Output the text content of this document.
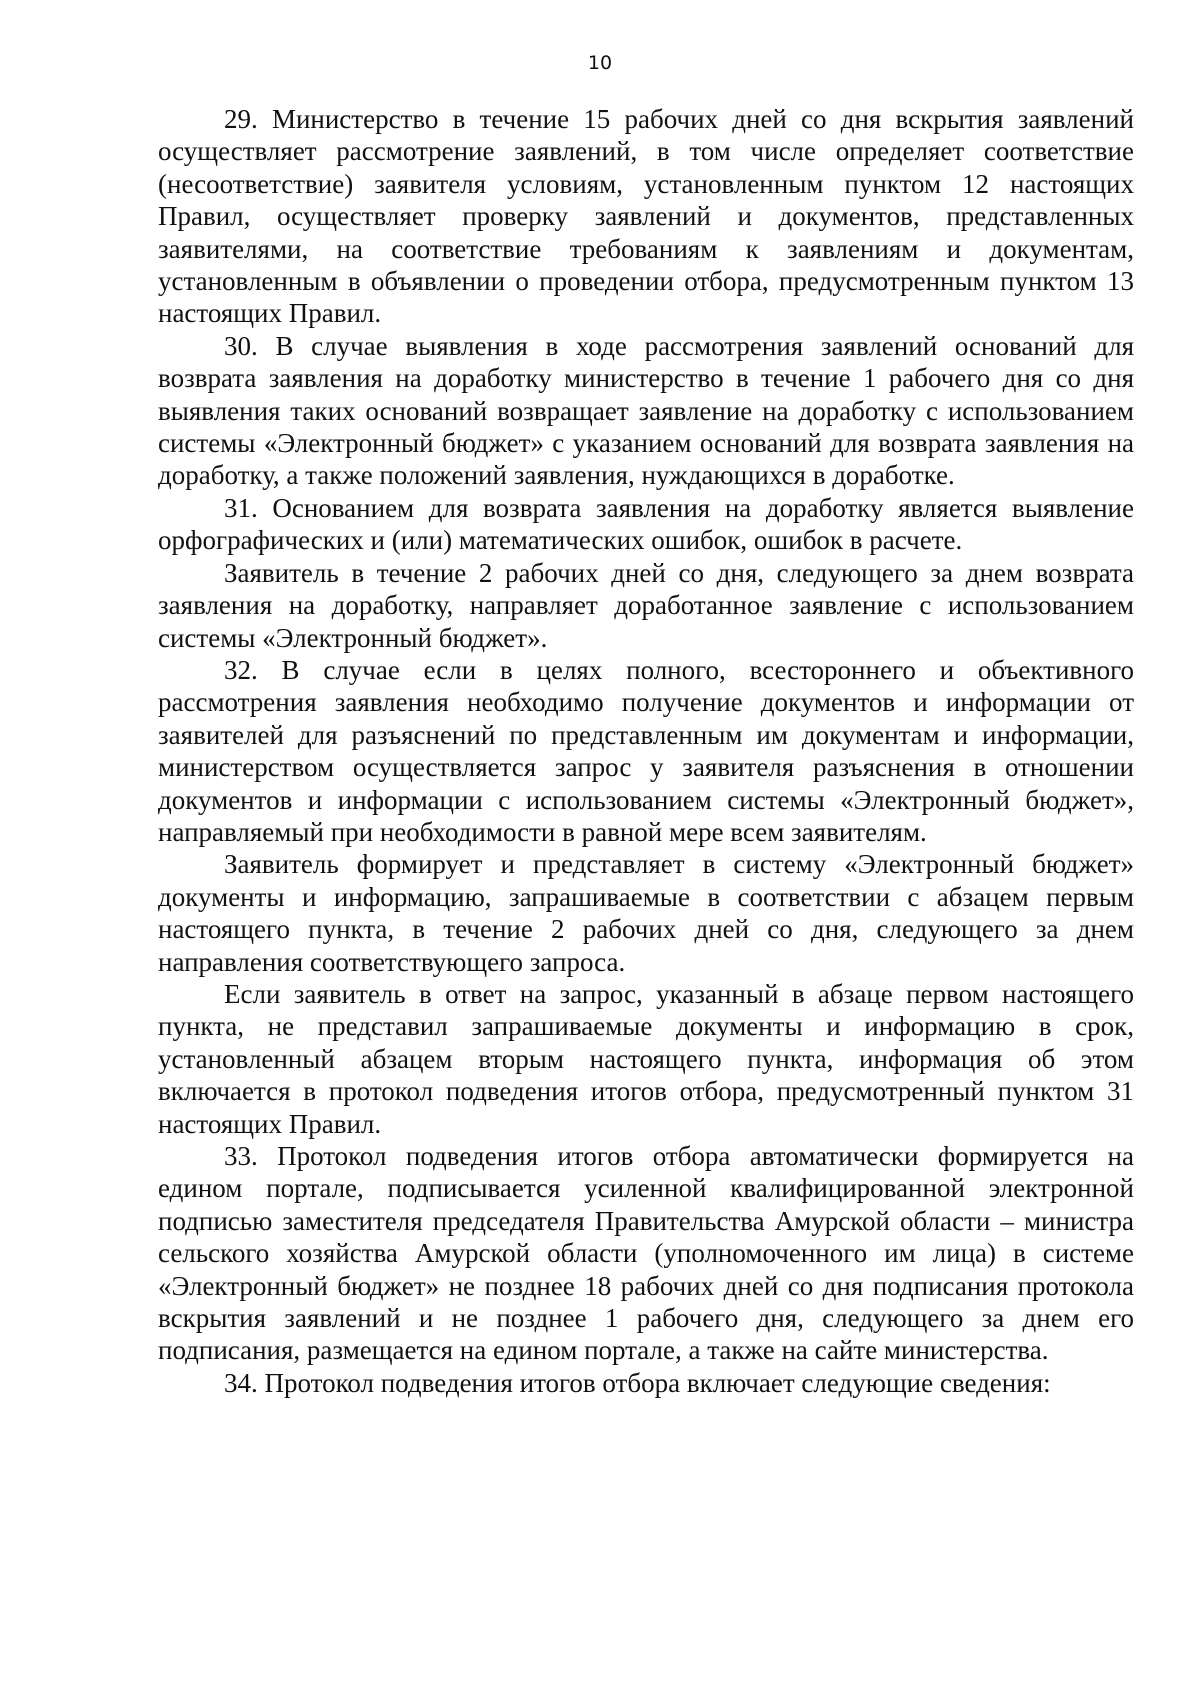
10

29. Министерство в течение 15 рабочих дней со дня вскрытия заявлений осуществляет рассмотрение заявлений, в том числе определяет соответствие (несоответствие) заявителя условиям, установленным пунктом 12 настоящих Правил, осуществляет проверку заявлений и документов, представленных заявителями, на соответствие требованиям к заявлениям и документам, установленным в объявлении о проведении отбора, предусмотренным пунктом 13 настоящих Правил.

30. В случае выявления в ходе рассмотрения заявлений оснований для возврата заявления на доработку министерство в течение 1 рабочего дня со дня выявления таких оснований возвращает заявление на доработку с использованием системы «Электронный бюджет» с указанием оснований для возврата заявления на доработку, а также положений заявления, нуждающихся в доработке.

31. Основанием для возврата заявления на доработку является выявление орфографических и (или) математических ошибок, ошибок в расчете.

Заявитель в течение 2 рабочих дней со дня, следующего за днем возврата заявления на доработку, направляет доработанное заявление с использованием системы «Электронный бюджет».

32. В случае если в целях полного, всестороннего и объективного рассмотрения заявления необходимо получение документов и информации от заявителей для разъяснений по представленным им документам и информации, министерством осуществляется запрос у заявителя разъяснения в отношении документов и информации с использованием системы «Электронный бюджет», направляемый при необходимости в равной мере всем заявителям.

Заявитель формирует и представляет в систему «Электронный бюджет» документы и информацию, запрашиваемые в соответствии с абзацем первым настоящего пункта, в течение 2 рабочих дней со дня, следующего за днем направления соответствующего запроса.

Если заявитель в ответ на запрос, указанный в абзаце первом настоящего пункта, не представил запрашиваемые документы и информацию в срок, установленный абзацем вторым настоящего пункта, информация об этом включается в протокол подведения итогов отбора, предусмотренный пунктом 31 настоящих Правил.

33. Протокол подведения итогов отбора автоматически формируется на едином портале, подписывается усиленной квалифицированной электронной подписью заместителя председателя Правительства Амурской области – министра сельского хозяйства Амурской области (уполномоченного им лица) в системе «Электронный бюджет» не позднее 18 рабочих дней со дня подписания протокола вскрытия заявлений и не позднее 1 рабочего дня, следующего за днем его подписания, размещается на едином портале, а также на сайте министерства.

34. Протокол подведения итогов отбора включает следующие сведения:
